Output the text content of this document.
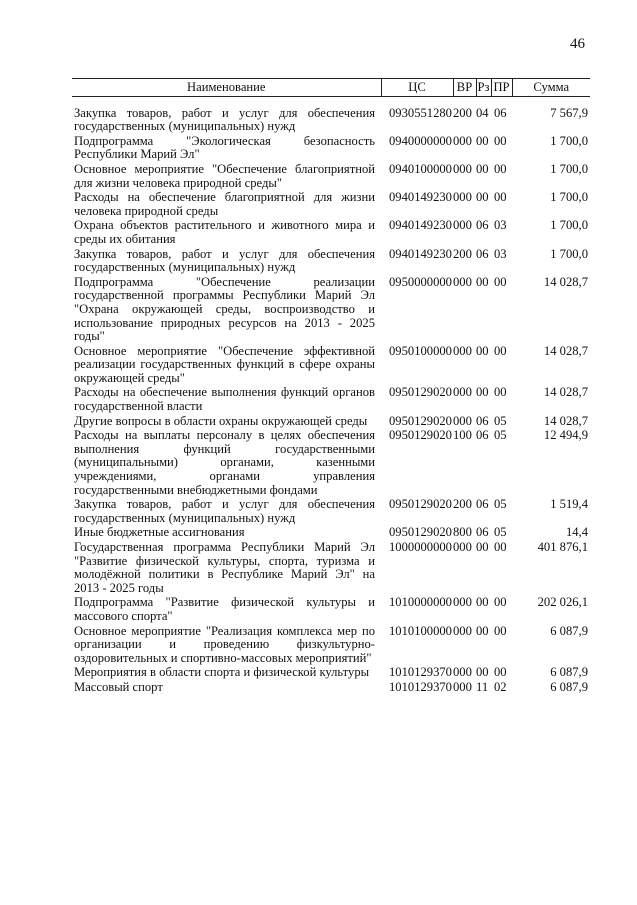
46
Наименование	ЦС	ВР	Рз	ПР	Сумма

Закупка товаров, работ и услуг для обеспечения государственных (муниципальных) нужд	0930551280	200	04	06	7 567,9
Подпрограмма "Экологическая безопасность Республики Марий Эл"	0940000000	000	00	00	1 700,0
Основное мероприятие "Обеспечение благоприятной для жизни человека природной среды"	0940100000	000	00	00	1 700,0
Расходы на обеспечение благоприятной для жизни человека природной среды	0940149230	000	00	00	1 700,0
Охрана объектов растительного и животного мира и среды их обитания	0940149230	000	06	03	1 700,0
Закупка товаров, работ и услуг для обеспечения государственных (муниципальных) нужд	0940149230	200	06	03	1 700,0
Подпрограмма "Обеспечение реализации государственной программы Республики Марий Эл "Охрана окружающей среды, воспроизводство и использование природных ресурсов на 2013 - 2025 годы"	0950000000	000	00	00	14 028,7
Основное мероприятие "Обеспечение эффективной реализации государственных функций в сфере охраны окружающей среды"	0950100000	000	00	00	14 028,7
Расходы на обеспечение выполнения функций органов государственной власти	0950129020	000	00	00	14 028,7
Другие вопросы в области охраны окружающей среды	0950129020	000	06	05	14 028,7
Расходы на выплаты персоналу в целях обеспечения выполнения функций государственными (муниципальными) органами, казенными учреждениями, органами управления государственными внебюджетными фондами	0950129020	100	06	05	12 494,9
Закупка товаров, работ и услуг для обеспечения государственных (муниципальных) нужд	0950129020	200	06	05	1 519,4
Иные бюджетные ассигнования	0950129020	800	06	05	14,4
Государственная программа Республики Марий Эл "Развитие физической культуры, спорта, туризма и молодёжной политики в Республике Марий Эл" на 2013 - 2025 годы	1000000000	000	00	00	401 876,1
Подпрограмма "Развитие физической культуры и массового спорта"	1010000000	000	00	00	202 026,1
Основное мероприятие "Реализация комплекса мер по организации и проведению физкультурно-оздоровительных и спортивно-массовых мероприятий"	1010100000	000	00	00	6 087,9
Мероприятия в области спорта и физической культуры	1010129370	000	00	00	6 087,9
Массовый спорт	1010129370	000	11	02	6 087,9
